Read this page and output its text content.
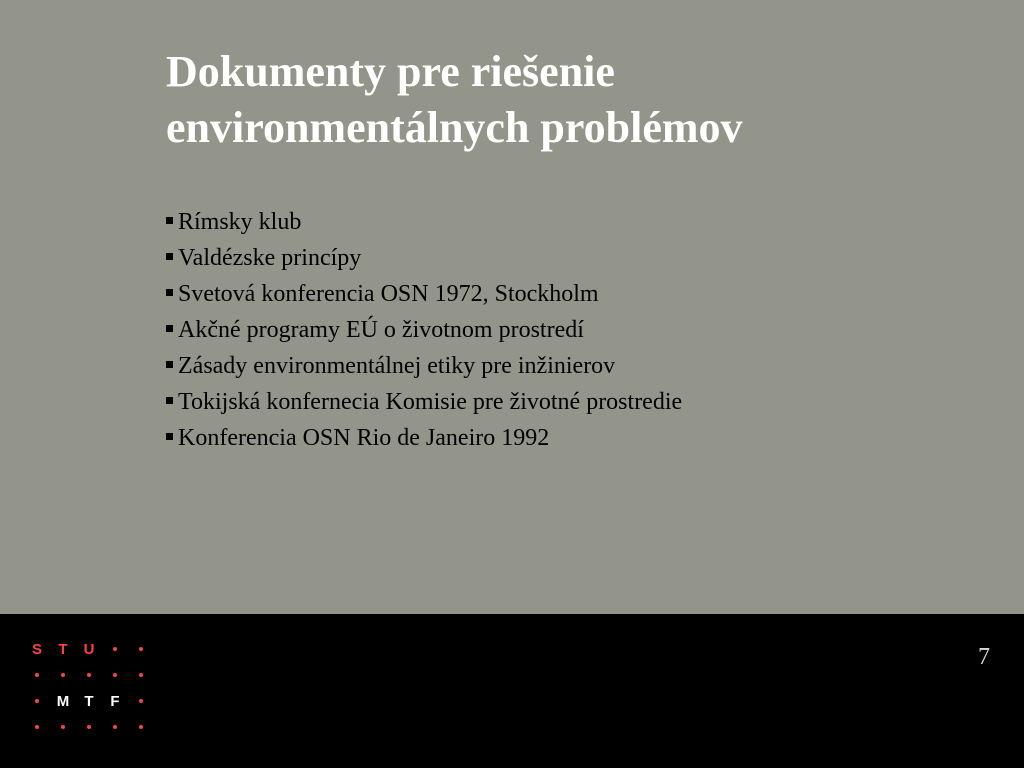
Dokumenty pre riešenie
environmentálnych problémov
Rímsky klub
Valdézske princípy
Svetová konferencia OSN 1972, Stockholm
Akčné programy EÚ o životnom prostredí
Zásady environmentálnej etiky pre inžinierov
Tokijská konfernecia Komisie pre životné prostredie
Konferencia OSN Rio de Janeiro 1992
S T U
M T F
7
